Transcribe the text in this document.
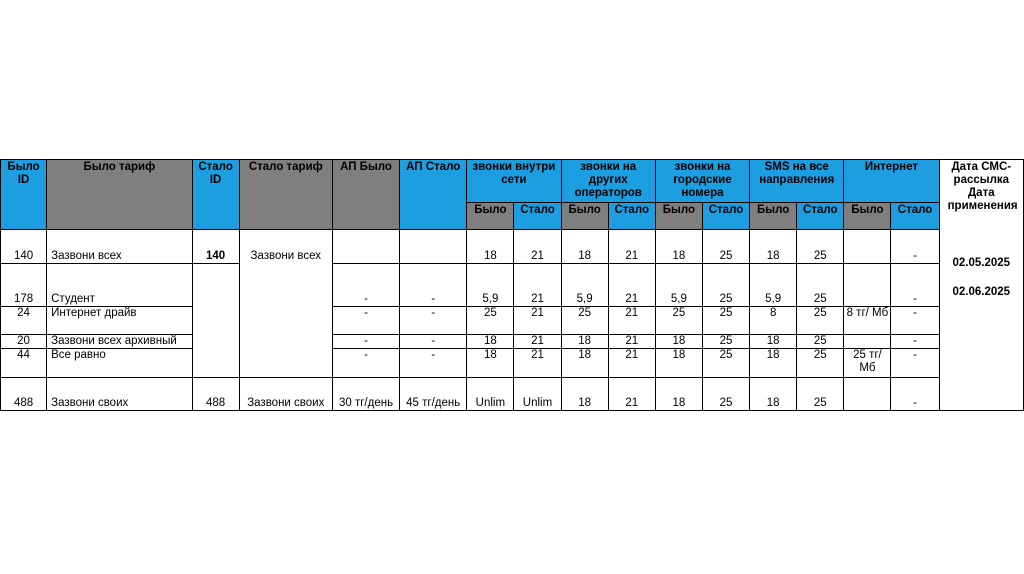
Было ID	Было тариф	Стало ID	Стало тариф	АП Было	АП Стало	звонки внутри сети		звонки на других операторов		звонки на городские номера		SMS на все направления		Интернет		Дата СМС-рассылка Дата применения
02.05.2025
02.06.2025

						Было	Стало	Было	Стало	Было	Стало	Было	Стало	Было	Стало	
140	Зазвони всех	140	Зазвони всех			18	21	18	21	18	25	18	25		-	
178	Студент			-	-	5,9	21	5,9	21	5,9	25	5,9	25		-	
24	Интернет драйв			-	-	25	21	25	21	25	25	8	25	8 тг/ Мб	-	
20	Зазвони всех архивный			-	-	18	21	18	21	18	25	18	25		-	
44	Все равно			-	-	18	21	18	21	18	25	18	25	25 тг/ Мб	-	
488	Зазвони своих	488	Зазвони своих	30 тг/день	45 тг/день	Unlim	Unlim	18	21	18	25	18	25		-	
